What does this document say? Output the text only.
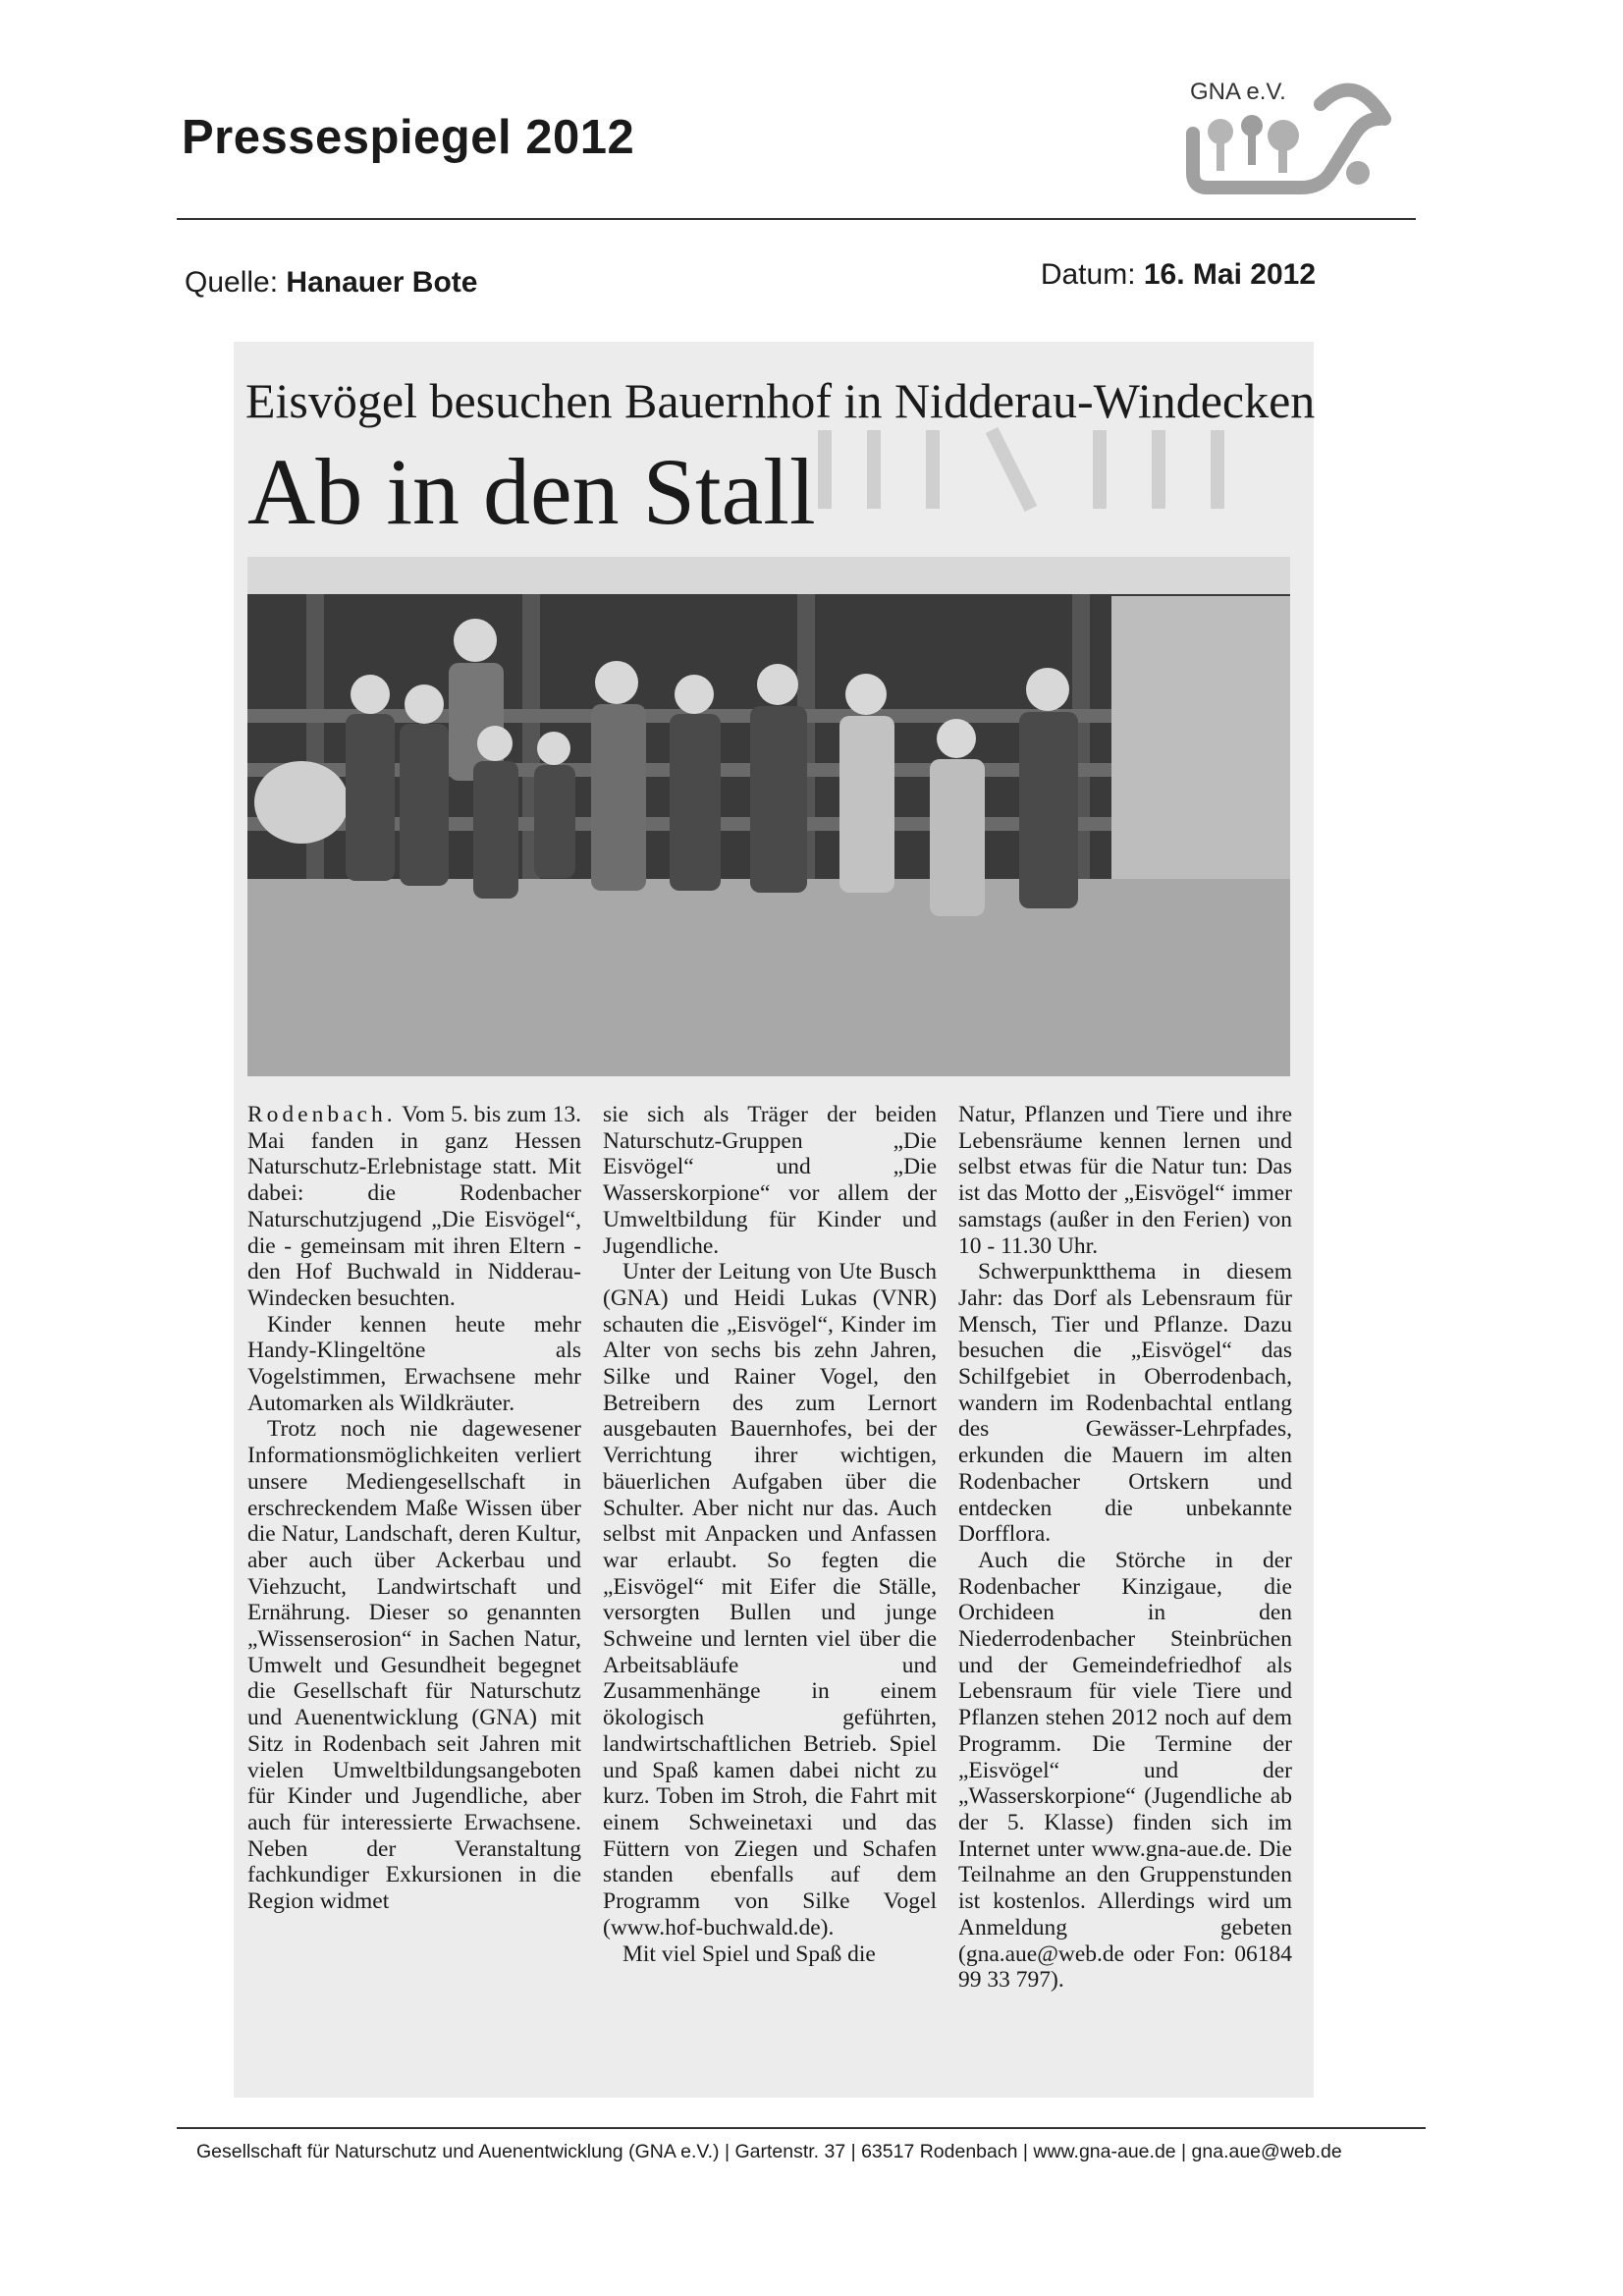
Pressespiegel 2012
GNA e.V.
Quelle: Hanauer Bote	Datum: 16. Mai 2012
Eisvögel besuchen Bauernhof in Nidderau-Windecken
Ab in den Stall

Rodenbach. Vom 5. bis zum 13. Mai fanden in ganz Hessen Naturschutz-Erlebnistage statt. Mit dabei: die Rodenbacher Naturschutzjugend „Die Eisvögel“, die - gemeinsam mit ihren Eltern - den Hof Buchwald in Nidderau-Windecken besuchten.

Kinder kennen heute mehr Handy-Klingeltöne als Vogelstimmen, Erwachsene mehr Automarken als Wildkräuter.

Trotz noch nie dagewesener Informationsmöglichkeiten verliert unsere Mediengesellschaft in erschreckendem Maße Wissen über die Natur, Landschaft, deren Kultur, aber auch über Ackerbau und Viehzucht, Landwirtschaft und Ernährung. Dieser so genannten „Wissenserosion“ in Sachen Natur, Umwelt und Gesundheit begegnet die Gesellschaft für Naturschutz und Auenentwicklung (GNA) mit Sitz in Rodenbach seit Jahren mit vielen Umweltbildungsangeboten für Kinder und Jugendliche, aber auch für interessierte Erwachsene. Neben der Veranstaltung fachkundiger Exkursionen in die Region widmet

sie sich als Träger der beiden Naturschutz-Gruppen „Die Eisvögel“ und „Die Wasserskorpione“ vor allem der Umweltbildung für Kinder und Jugendliche.

Unter der Leitung von Ute Busch (GNA) und Heidi Lukas (VNR) schauten die „Eisvögel“, Kinder im Alter von sechs bis zehn Jahren, Silke und Rainer Vogel, den Betreibern des zum Lernort ausgebauten Bauernhofes, bei der Verrichtung ihrer wichtigen, bäuerlichen Aufgaben über die Schulter. Aber nicht nur das. Auch selbst mit Anpacken und Anfassen war erlaubt. So fegten die „Eisvögel“ mit Eifer die Ställe, versorgten Bullen und junge Schweine und lernten viel über die Arbeitsabläufe und Zusammenhänge in einem ökologisch geführten, landwirtschaftlichen Betrieb. Spiel und Spaß kamen dabei nicht zu kurz. Toben im Stroh, die Fahrt mit einem Schweinetaxi und das Füttern von Ziegen und Schafen standen ebenfalls auf dem Programm von Silke Vogel (www.hof-buchwald.de).

Mit viel Spiel und Spaß die

Natur, Pflanzen und Tiere und ihre Lebensräume kennen lernen und selbst etwas für die Natur tun: Das ist das Motto der „Eisvögel“ immer samstags (außer in den Ferien) von 10 - 11.30 Uhr.

Schwerpunktthema in diesem Jahr: das Dorf als Lebensraum für Mensch, Tier und Pflanze. Dazu besuchen die „Eisvögel“ das Schilfgebiet in Oberrodenbach, wandern im Rodenbachtal entlang des Gewässer-Lehrpfades, erkunden die Mauern im alten Rodenbacher Ortskern und entdecken die unbekannte Dorfflora.

Auch die Störche in der Rodenbacher Kinzigaue, die Orchideen in den Niederrodenbacher Steinbrüchen und der Gemeindefriedhof als Lebensraum für viele Tiere und Pflanzen stehen 2012 noch auf dem Programm. Die Termine der „Eisvögel“ und der „Wasserskorpione“ (Jugendliche ab der 5. Klasse) finden sich im Internet unter www.gna-aue.de. Die Teilnahme an den Gruppenstunden ist kostenlos. Allerdings wird um Anmeldung gebeten (gna.aue@web.de oder Fon: 06184 99 33 797).

Gesellschaft für Naturschutz und Auenentwicklung (GNA e.V.) | Gartenstr. 37 | 63517 Rodenbach | www.gna-aue.de | gna.aue@web.de
